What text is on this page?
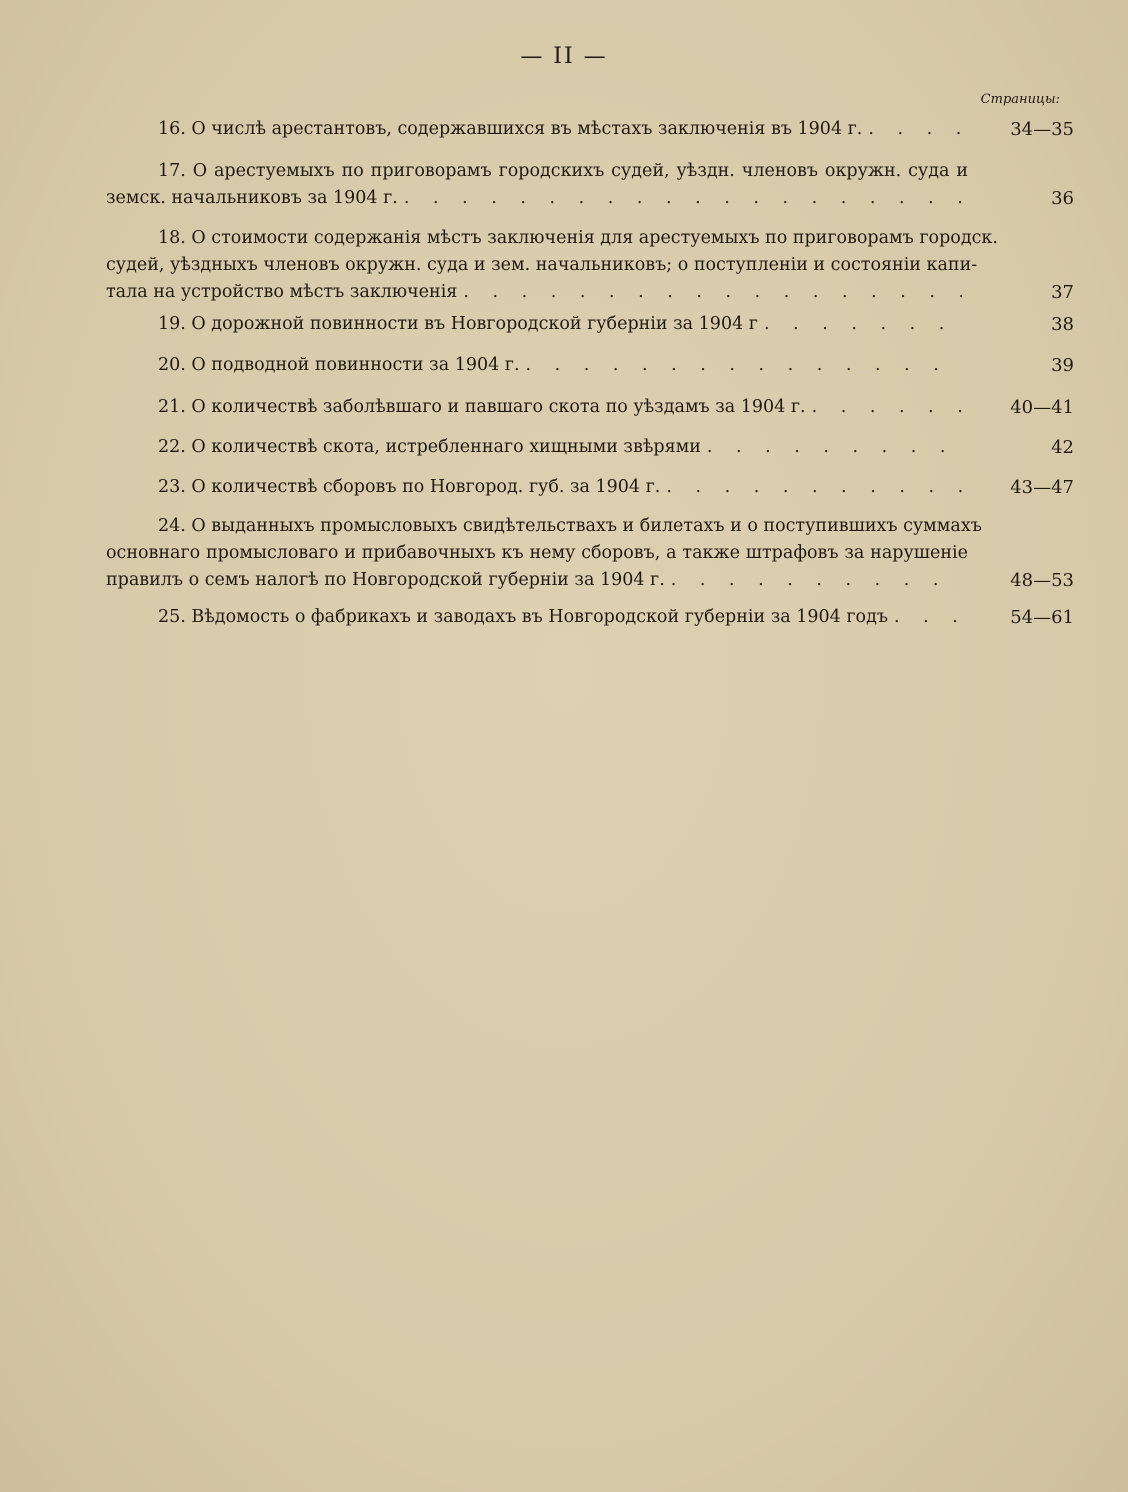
— II —
Страницы:
16. О числѣ арестантовъ, содержавшихся въ мѣстахъ заключенія въ 1904 г. . . .	34—35
17. О арестуемыхъ по приговорамъ городскихъ судей, уѣздн. членовъ окружн. суда и
земск. начальниковъ за 1904 г. . . .	36
18. О стоимости содержанія мѣстъ заключенія для арестуемыхъ по приговорамъ городск.
судей, уѣздныхъ членовъ окружн. суда и зем. начальниковъ; о поступленіи и состояніи капи-
тала на устройство мѣстъ заключенія . . .	37
19. О дорожной повинности въ Новгородской губерніи за 1904 г . . .	38
20. О подводной повинности за 1904 г. . . .	39
21. О количествѣ заболѣвшаго и павшаго скота по уѣздамъ за 1904 г. . . .	40—41
22. О количествѣ скота, истребленнаго хищными звѣрями . . .	42
23. О количествѣ сборовъ по Новгород. губ. за 1904 г. . . .	43—47
24. О выданныхъ промысловыхъ свидѣтельствахъ и билетахъ и о поступившихъ суммахъ
основнаго промысловаго и прибавочныхъ къ нему сборовъ, а также штрафовъ за нарушеніе
правилъ о семъ налогѣ по Новгородской губерніи за 1904 г. . . .	48—53
25. Вѣдомость о фабрикахъ и заводахъ въ Новгородской губерніи за 1904 годъ . . .	54—61
